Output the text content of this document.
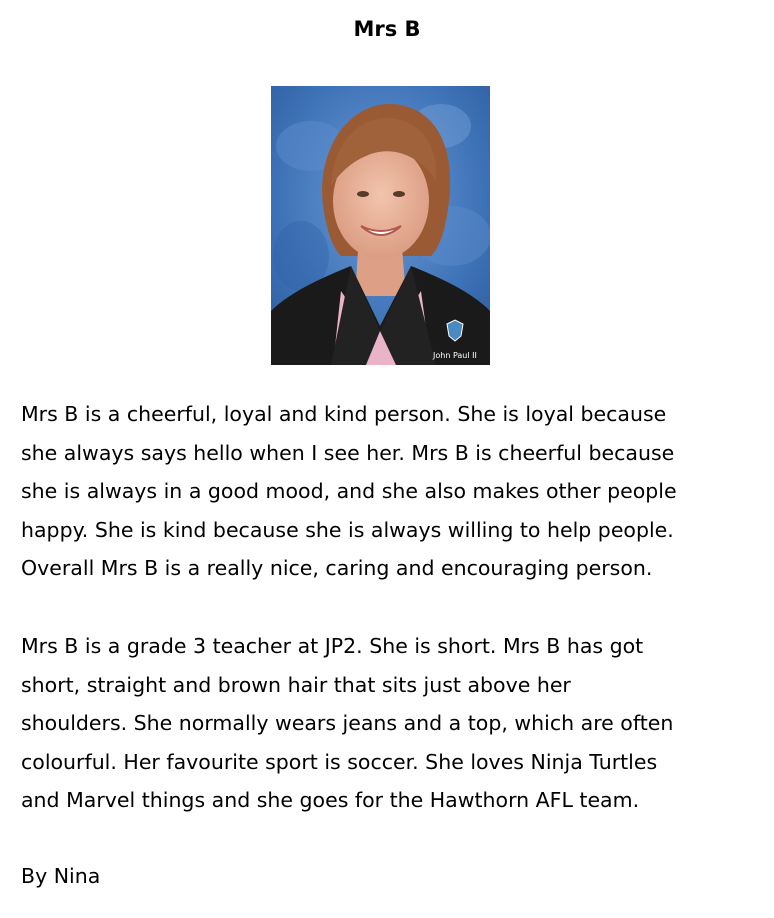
Mrs B
John Paul II
Mrs B is a cheerful, loyal and kind person. She is loyal because
she always says hello when I see her. Mrs B is cheerful because
she is always in a good mood, and she also makes other people
happy. She is kind because she is always willing to help people.
Overall Mrs B is a really nice, caring and encouraging person.
Mrs B is a grade 3 teacher at JP2. She is short. Mrs B has got
short, straight and brown hair that sits just above her
shoulders. She normally wears jeans and a top, which are often
colourful. Her favourite sport is soccer. She loves Ninja Turtles
and Marvel things and she goes for the Hawthorn AFL team.
By Nina
